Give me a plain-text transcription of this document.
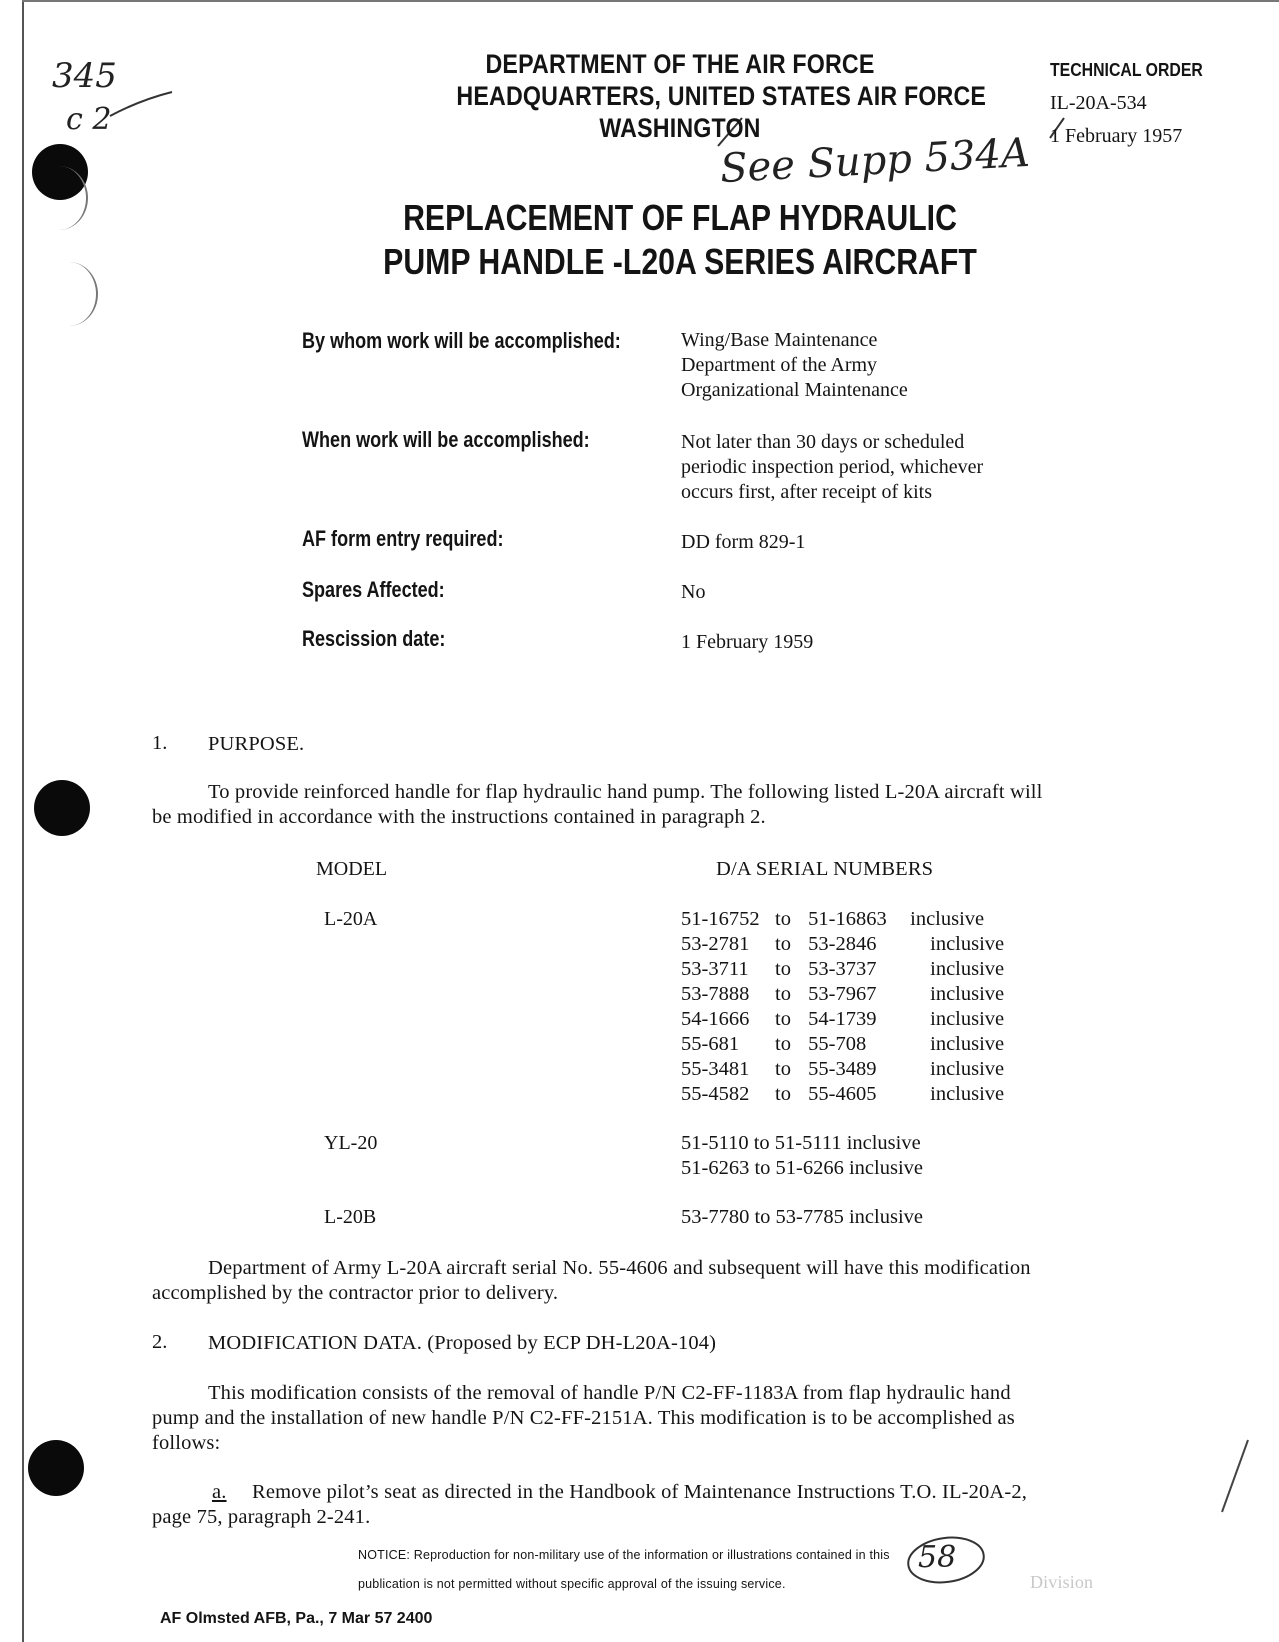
345
c 2
See Supp 534A
58
Division
DEPARTMENT OF THE AIR FORCE
HEADQUARTERS, UNITED STATES AIR FORCE
WASHINGTON
TECHNICAL ORDER
IL-20A-534
1 February 1957
REPLACEMENT OF FLAP HYDRAULIC
PUMP HANDLE -L20A SERIES AIRCRAFT
By whom work will be accomplished:	Wing/Base Maintenance
Department of the Army
Organizational Maintenance
When work will be accomplished:	Not later than 30 days or scheduled
periodic inspection period, whichever
occurs first, after receipt of kits
AF form entry required:	DD form 829-1
Spares Affected:	No
Rescission date:	1 February 1959
1. PURPOSE.
To provide reinforced handle for flap hydraulic hand pump. The following listed L-20A aircraft will
be modified in accordance with the instructions contained in paragraph 2.
MODEL	D/A SERIAL NUMBERS
L-20A	51-16752 to 51-16863 inclusive
53-2781 to 53-2846	inclusive
53-3711 to 53-3737	inclusive
53-7888 to 53-7967	inclusive
54-1666 to 54-1739	inclusive
55-681 to 55-708	inclusive
55-3481 to 55-3489	inclusive
55-4582 to 55-4605	inclusive
YL-20	51-5110 to 51-5111 inclusive
51-6263 to 51-6266 inclusive
L-20B	53-7780 to 53-7785 inclusive
Department of Army L-20A aircraft serial No. 55-4606 and subsequent will have this modification
accomplished by the contractor prior to delivery.
2. MODIFICATION DATA. (Proposed by ECP DH-L20A-104)
This modification consists of the removal of handle P/N C2-FF-1183A from flap hydraulic hand
pump and the installation of new handle P/N C2-FF-2151A. This modification is to be accomplished as
follows:
a. Remove pilot’s seat as directed in the Handbook of Maintenance Instructions T.O. IL-20A-2,
page 75, paragraph 2-241.
NOTICE: Reproduction for non-military use of the information or illustrations contained in this
publication is not permitted without specific approval of the issuing service.
AF Olmsted AFB, Pa., 7 Mar 57 2400
